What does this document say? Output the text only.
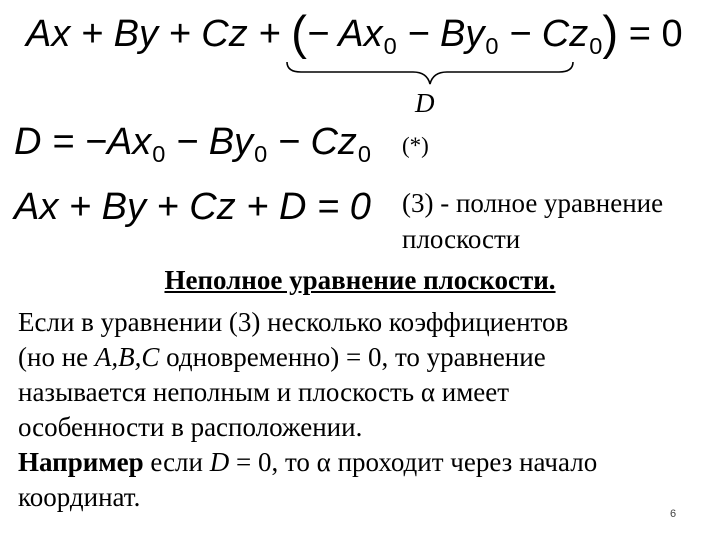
Ax + By + Cz + (− $Ax_0 - By_0 - Cz_0) = 0$
D
$D = -Ax_0 - By_0 - Cz_0$ (*)
Ax + By + Cz + D = 0 (3) - полное уравнение
плоскости
Неполное уравнение плоскости.
Если в уравнении (3) несколько коэффициентов
(но не A,B,C одновременно) = 0, то уравнение
называется неполным и плоскость α имеет
особенности в расположении.
Например если D = 0, то α проходит через начало
координат.
6
